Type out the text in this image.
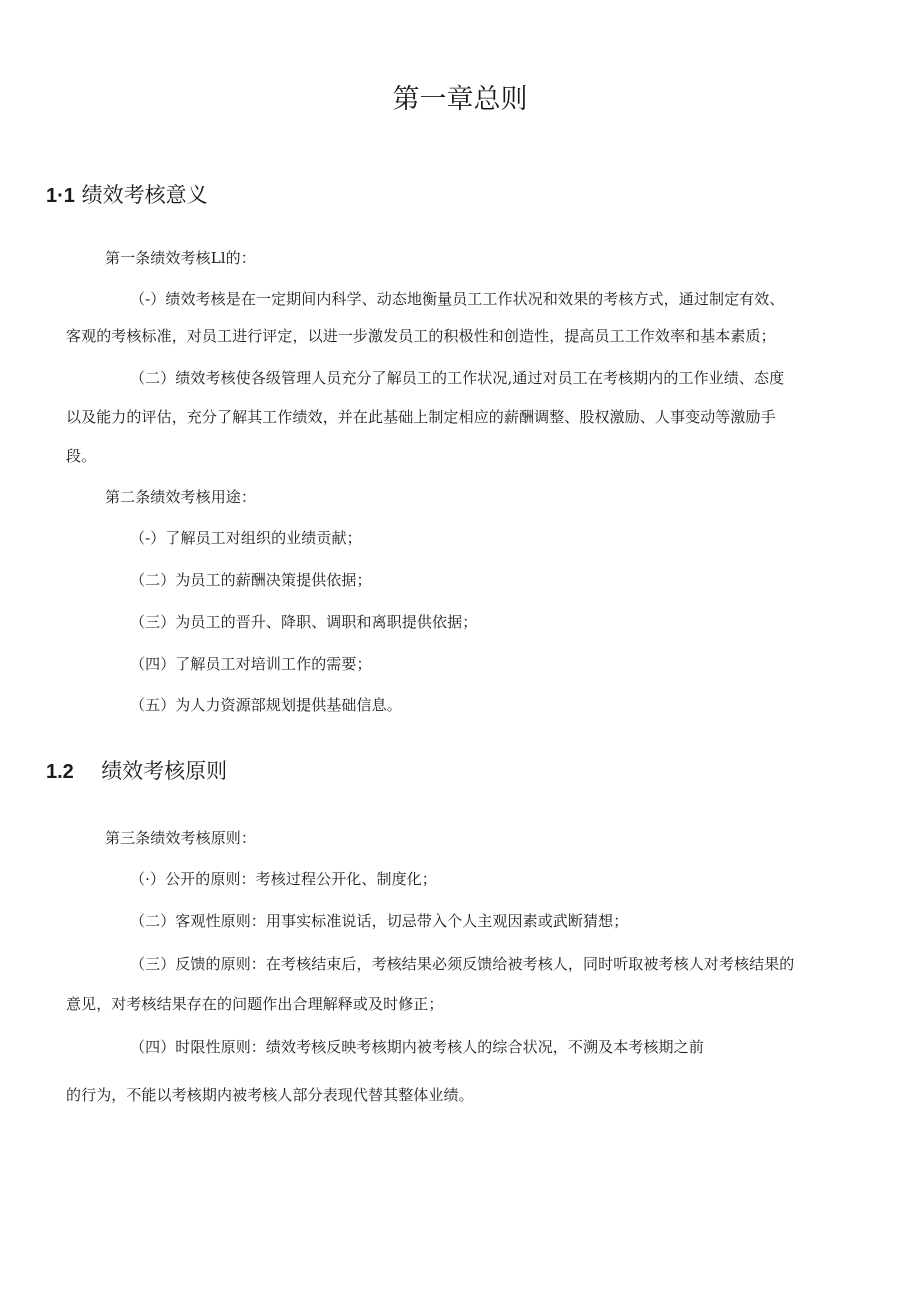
第一章总则
1·1 绩效考核意义
第一条绩效考核Ll的：
（-）绩效考核是在一定期间内科学、动态地衡量员工工作状况和效果的考核方式，通过制定有效、
客观的考核标准，对员工进行评定，以进一步激发员工的积极性和创造性，提高员工工作效率和基本素质；
（二）绩效考核使各级管理人员充分了解员工的工作状况,通过对员工在考核期内的工作业绩、态度
以及能力的评估，充分了解其工作绩效，并在此基础上制定相应的薪酬调整、股权激励、人事变动等激励手
段。
第二条绩效考核用途：
（-）了解员工对组织的业绩贡献；
（二）为员工的薪酬决策提供依据；
（三）为员工的晋升、降职、调职和离职提供依据；
（四）了解员工对培训工作的需要；
（五）为人力资源部规划提供基础信息。
1.2 绩效考核原则
第三条绩效考核原则：
（·）公开的原则：考核过程公开化、制度化；
（二）客观性原则：用事实标准说话，切忌带入个人主观因素或武断猜想；
（三）反馈的原则：在考核结束后，考核结果必须反馈给被考核人，同时听取被考核人对考核结果的
意见，对考核结果存在的问题作出合理解释或及时修正；
（四）时限性原则：绩效考核反映考核期内被考核人的综合状况，不溯及本考核期之前
的行为，不能以考核期内被考核人部分表现代替其整体业绩。
